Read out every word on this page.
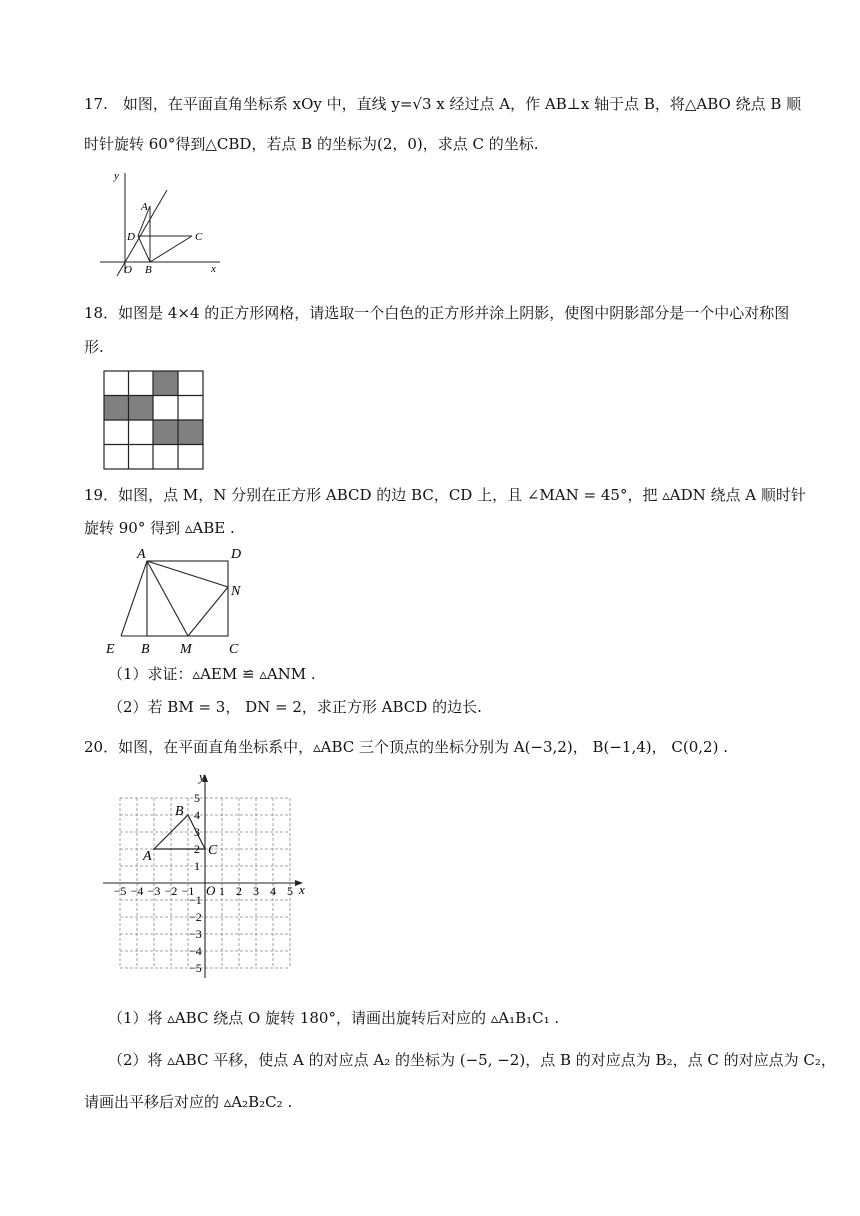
17.　如图，在平面直角坐标系 xOy 中，直线 y=√3 x 经过点 A，作 AB⊥x 轴于点 B，将△ABO 绕点 B 顺
时针旋转 60°得到△CBD，若点 B 的坐标为(2，0)，求点 C 的坐标.
y
x
A
D	C
O B
18．如图是 4×4 的正方形网格，请选取一个白色的正方形并涂上阴影，使图中阴影部分是一个中心对称图
形.
19．如图，点 M，N 分别在正方形 ABCD 的边 BC，CD 上，且 ∠MAN = 45°，把 ▵ADN 绕点 A 顺时针
旋转 90° 得到 ▵ABE .
A	D
N
E B M	C
（1）求证：▵AEM ≌ ▵ANM .
（2）若 BM = 3， DN = 2，求正方形 ABCD 的边长.
20．如图，在平面直角坐标系中，▵ABC 三个顶点的坐标分别为 A(−3,2)， B(−1,4)， C(0,2) .
y
x
A
B
C
O
−5 −4 −3 −2 −1 1 2 3 4 5
5
4
3
2
1
−1
−2
−3
−4
−5
（1）将 ▵ABC 绕点 O 旋转 180°，请画出旋转后对应的 ▵A₁B₁C₁ .
（2）将 ▵ABC 平移，使点 A 的对应点 A₂ 的坐标为 (−5, −2)，点 B 的对应点为 B₂，点 C 的对应点为 C₂，
请画出平移后对应的 ▵A₂B₂C₂ .
